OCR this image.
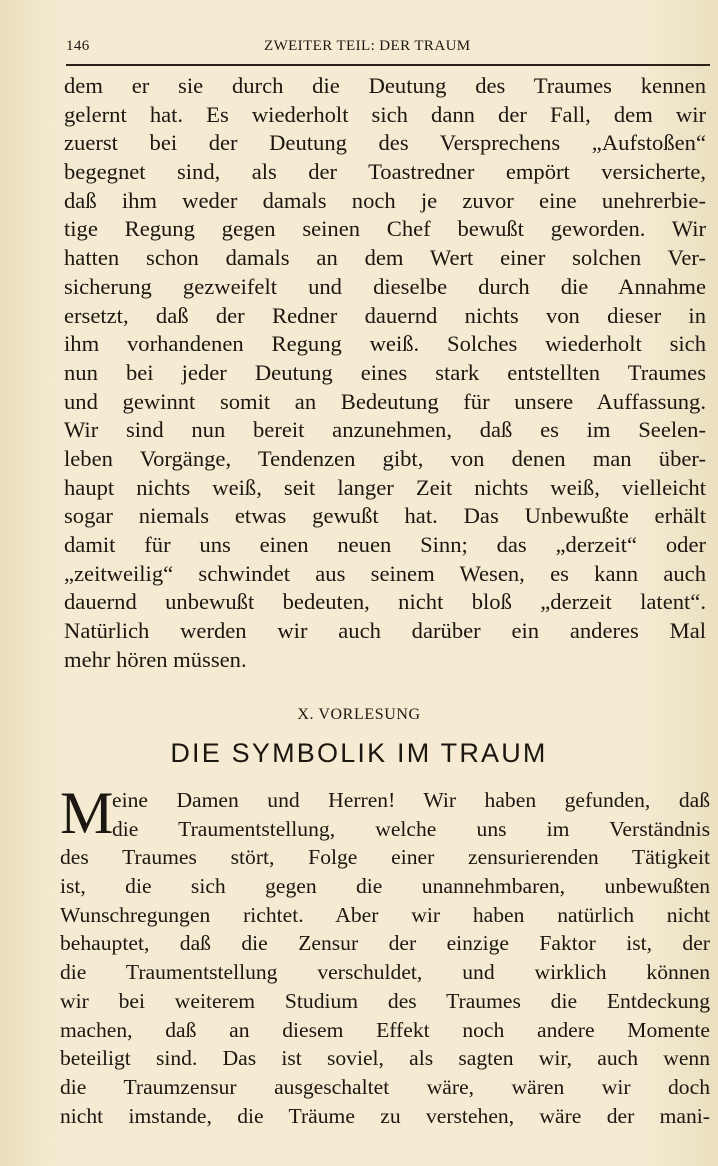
146	ZWEITER TEIL: DER TRAUM
dem er sie durch die Deutung des Traumes kennen
gelernt hat. Es wiederholt sich dann der Fall, dem wir
zuerst bei der Deutung des Versprechens „Aufstoßen“
begegnet sind, als der Toastredner empört versicherte,
daß ihm weder damals noch je zuvor eine unehrerbie-
tige Regung gegen seinen Chef bewußt geworden. Wir
hatten schon damals an dem Wert einer solchen Ver-
sicherung gezweifelt und dieselbe durch die Annahme
ersetzt, daß der Redner dauernd nichts von dieser in
ihm vorhandenen Regung weiß. Solches wiederholt sich
nun bei jeder Deutung eines stark entstellten Traumes
und gewinnt somit an Bedeutung für unsere Auffassung.
Wir sind nun bereit anzunehmen, daß es im Seelen-
leben Vorgänge, Tendenzen gibt, von denen man über-
haupt nichts weiß, seit langer Zeit nichts weiß, vielleicht
sogar niemals etwas gewußt hat. Das Unbewußte erhält
damit für uns einen neuen Sinn; das „derzeit“ oder
„zeitweilig“ schwindet aus seinem Wesen, es kann auch
dauernd unbewußt bedeuten, nicht bloß „derzeit latent“.
Natürlich werden wir auch darüber ein anderes Mal
mehr hören müssen.
X. VORLESUNG
DIE SYMBOLIK IM TRAUM
M
eine Damen und Herren! Wir haben gefunden, daß
die Traumentstellung, welche uns im Verständnis
des Traumes stört, Folge einer zensurierenden Tätigkeit
ist, die sich gegen die unannehmbaren, unbewußten
Wunschregungen richtet. Aber wir haben natürlich nicht
behauptet, daß die Zensur der einzige Faktor ist, der
die Traumentstellung verschuldet, und wirklich können
wir bei weiterem Studium des Traumes die Entdeckung
machen, daß an diesem Effekt noch andere Momente
beteiligt sind. Das ist soviel, als sagten wir, auch wenn
die Traumzensur ausgeschaltet wäre, wären wir doch
nicht imstande, die Träume zu verstehen, wäre der mani-
